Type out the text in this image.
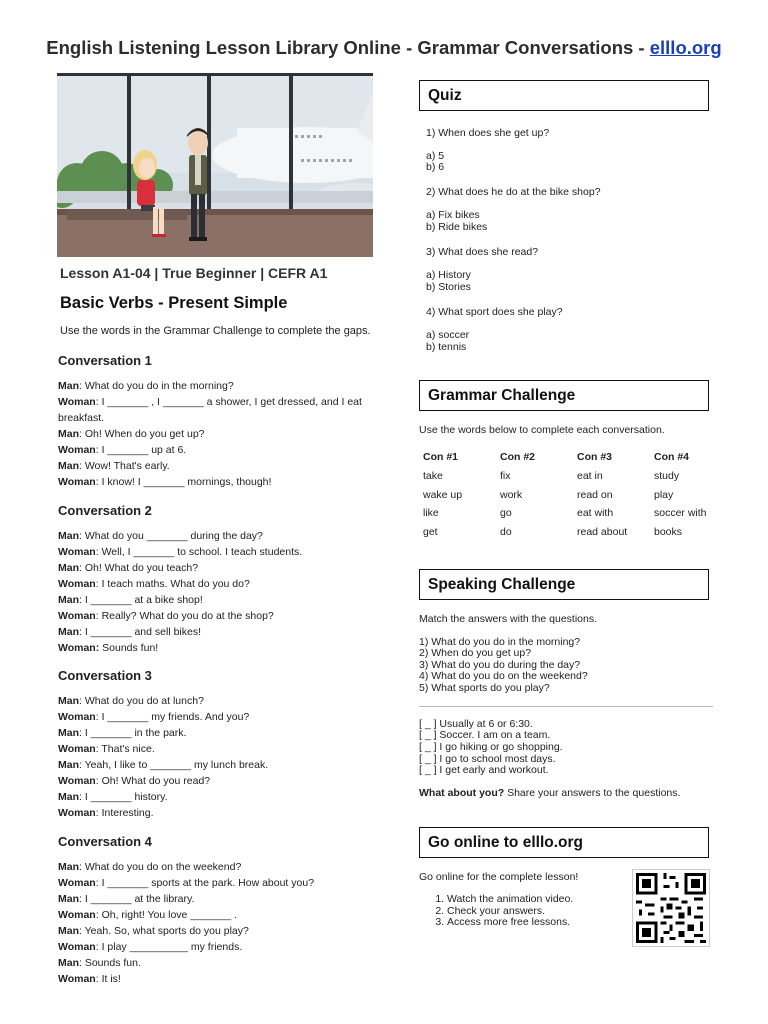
English Listening Lesson Library Online - Grammar Conversations - elllo.org
Lesson A1-04 | True Beginner | CEFR A1
Basic Verbs - Present Simple
Use the words in the Grammar Challenge to complete the gaps.
Conversation 1
Man: What do you do in the morning?
Woman: I _______ , I _______ a shower, I get dressed, and I eat breakfast.
Man: Oh! When do you get up?
Woman: I _______ up at 6.
Man: Wow! That's early.
Woman: I know! I _______ mornings, though!
Conversation 2
Man: What do you _______ during the day?
Woman: Well, I _______ to school. I teach students.
Man: Oh! What do you teach?
Woman: I teach maths. What do you do?
Man: I _______ at a bike shop!
Woman: Really? What do you do at the shop?
Man: I _______ and sell bikes!
Woman: Sounds fun!
Conversation 3
Man: What do you do at lunch?
Woman: I _______ my friends. And you?
Man: I _______ in the park.
Woman: That's nice.
Man: Yeah, I like to _______ my lunch break.
Woman: Oh! What do you read?
Man: I _______ history.
Woman: Interesting.
Conversation 4
Man: What do you do on the weekend?
Woman: I _______ sports at the park. How about you?
Man: I _______ at the library.
Woman: Oh, right! You love _______ .
Man: Yeah. So, what sports do you play?
Woman: I play __________ my friends.
Man: Sounds fun.
Woman: It is!
Quiz
1) When does she get up?
a) 5
b) 6
2) What does he do at the bike shop?
a) Fix bikes
b) Ride bikes
3) What does she read?
a) History
b) Stories
4) What sport does she play?
a) soccer
b) tennis
Grammar Challenge
Use the words below to complete each conversation.
Con #1	Con #2	Con #3	Con #4
take	fix	eat in	study
wake up	work	read on	play
like	go	eat with	soccer with
get	do	read about	books
Speaking Challenge
Match the answers with the questions.
1) What do you do in the morning?
2) When do you get up?
3) What do you do during the day?
4) What do you do on the weekend?
5) What sports do you play?
[ _ ] Usually at 6 or 6:30.
[ _ ] Soccer. I am on a team.
[ _ ] I go hiking or go shopping.
[ _ ] I go to school most days.
[ _ ] I get early and workout.
What about you? Share your answers to the questions.
Go online to elllo.org
Go online for the complete lesson!
1. Watch the animation video.
2. Check your answers.
3. Access more free lessons.
